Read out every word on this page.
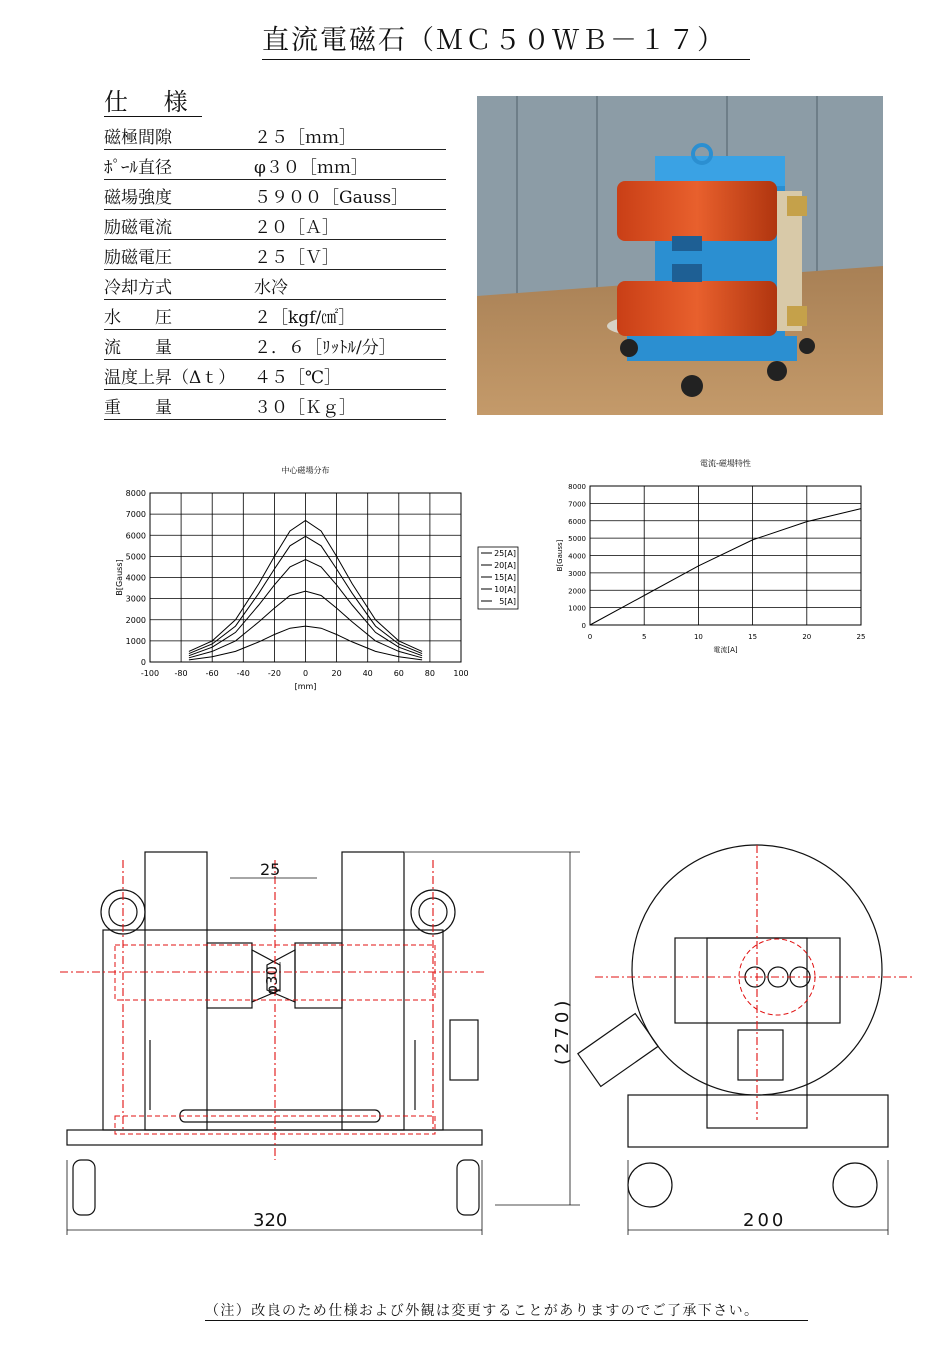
直流電磁石（ＭＣ５０ＷＢ－１７）
仕 様
磁極間隙	２５［ｍｍ］
ﾎﾟｰﾙ直径	φ３０［ｍｍ］
磁場強度	５９００［Gauss］
励磁電流	２０［Ａ］
励磁電圧	２５［Ｖ］
冷却方式	水冷
水　　圧	２［kgf/㎠］
流　　量	２．６［ﾘｯﾄﾙ/分］
温度上昇（Δｔ） ４５［℃］
重　　量	３０［Ｋｇ］
0
1000
2000
3000
4000
5000
6000
7000
8000
-100 -80 -60 -40 -20	0	20	40	60	80 100
中心磁場分布
[mm]
B[Gauss]
25[A]
20[A]
15[A]
10[A]
5[A]
0
1000
2000
3000
4000
5000
6000
7000
8000
0	5	10	15	20	25
電流-磁場特性
電流[A]
B[Gauss]
25
φ30
(270)
320	200
（注）改良のため仕様および外観は変更することがありますのでご了承下さい。
